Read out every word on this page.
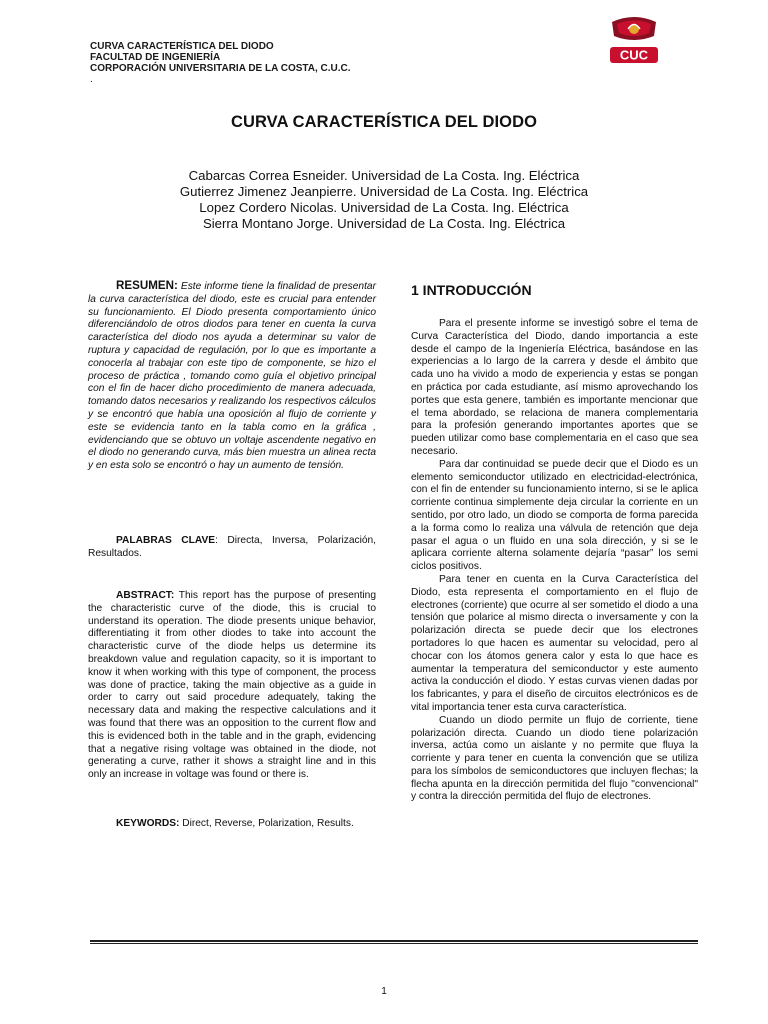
CURVA CARACTERÍSTICA DEL DIODO
FACULTAD DE INGENIERÍA
CORPORACIÓN UNIVERSITARIA DE LA COSTA, C.U.C.
.
CUC
CURVA CARACTERÍSTICA DEL DIODO
Cabarcas Correa Esneider. Universidad de La Costa. Ing. Eléctrica
Gutierrez Jimenez Jeanpierre. Universidad de La Costa. Ing. Eléctrica
Lopez Cordero Nicolas. Universidad de La Costa. Ing. Eléctrica
Sierra Montano Jorge. Universidad de La Costa. Ing. Eléctrica

RESUMEN: Este informe tiene la finalidad de presentar la curva característica del diodo, este es crucial para entender su funcionamiento. El Diodo presenta comportamiento único diferenciándolo de otros diodos para tener en cuenta la curva característica del diodo nos ayuda a determinar su valor de ruptura y capacidad de regulación, por lo que es importante a conocerla al trabajar con este tipo de componente, se hizo el proceso de práctica , tomando como guía el objetivo principal con el fin de hacer dicho procedimiento de manera adecuada, tomando datos necesarios y realizando los respectivos cálculos y se encontró que había una oposición al flujo de corriente y este se evidencia tanto en la tabla como en la gráfica , evidenciando que se obtuvo un voltaje ascendente negativo en el diodo no generando curva, más bien muestra un alinea recta y en esta solo se encontró o hay un aumento de tensión.

PALABRAS CLAVE: Directa, Inversa, Polarización, Resultados.

ABSTRACT: This report has the purpose of presenting the characteristic curve of the diode, this is crucial to understand its operation. The diode presents unique behavior, differentiating it from other diodes to take into account the characteristic curve of the diode helps us determine its breakdown value and regulation capacity, so it is important to know it when working with this type of component, the process was done of practice, taking the main objective as a guide in order to carry out said procedure adequately, taking the necessary data and making the respective calculations and it was found that there was an opposition to the current flow and this is evidenced both in the table and in the graph, evidencing that a negative rising voltage was obtained in the diode, not generating a curve, rather it shows a straight line and in this only an increase in voltage was found or there is.

KEYWORDS: Direct, Reverse, Polarization, Results.

1 INTRODUCCIÓN

Para el presente informe se investigó sobre el tema de Curva Característica del Diodo, dando importancia a este desde el campo de la Ingeniería Eléctrica, basándose en las experiencias a lo largo de la carrera y desde el ámbito que cada uno ha vivido a modo de experiencia y estas se pongan en práctica por cada estudiante, así mismo aprovechando los portes que esta genere, también es importante mencionar que el tema abordado, se relaciona de manera complementaria para la profesión generando importantes aportes que se pueden utilizar como base complementaria en el caso que sea necesario.

Para dar continuidad se puede decir que el Diodo es un elemento semiconductor utilizado en electricidad-electrónica, con el fin de entender su funcionamiento interno, si se le aplica corriente continua simplemente deja circular la corriente en un sentido, por otro lado, un diodo se comporta de forma parecida a la forma como lo realiza una válvula de retención que deja pasar el agua o un fluido en una sola dirección, y si se le aplicara corriente alterna solamente dejaría “pasar” los semi ciclos positivos.

Para tener en cuenta en la Curva Característica del Diodo, esta representa el comportamiento en el flujo de electrones (corriente) que ocurre al ser sometido el diodo a una tensión que polarice al mismo directa o inversamente y con la polarización directa se puede decir que los electrones portadores lo que hacen es aumentar su velocidad, pero al chocar con los átomos genera calor y esta lo que hace es aumentar la temperatura del semiconductor y este aumento activa la conducción el diodo. Y estas curvas vienen dadas por los fabricantes, y para el diseño de circuitos electrónicos es de vital importancia tener esta curva característica.

Cuando un diodo permite un flujo de corriente, tiene polarización directa. Cuando un diodo tiene polarización inversa, actúa como un aislante y no permite que fluya la corriente y para tener en cuenta la convención que se utiliza para los símbolos de semiconductores que incluyen flechas; la flecha apunta en la dirección permitida del flujo "convencional" y contra la dirección permitida del flujo de electrones.

1
